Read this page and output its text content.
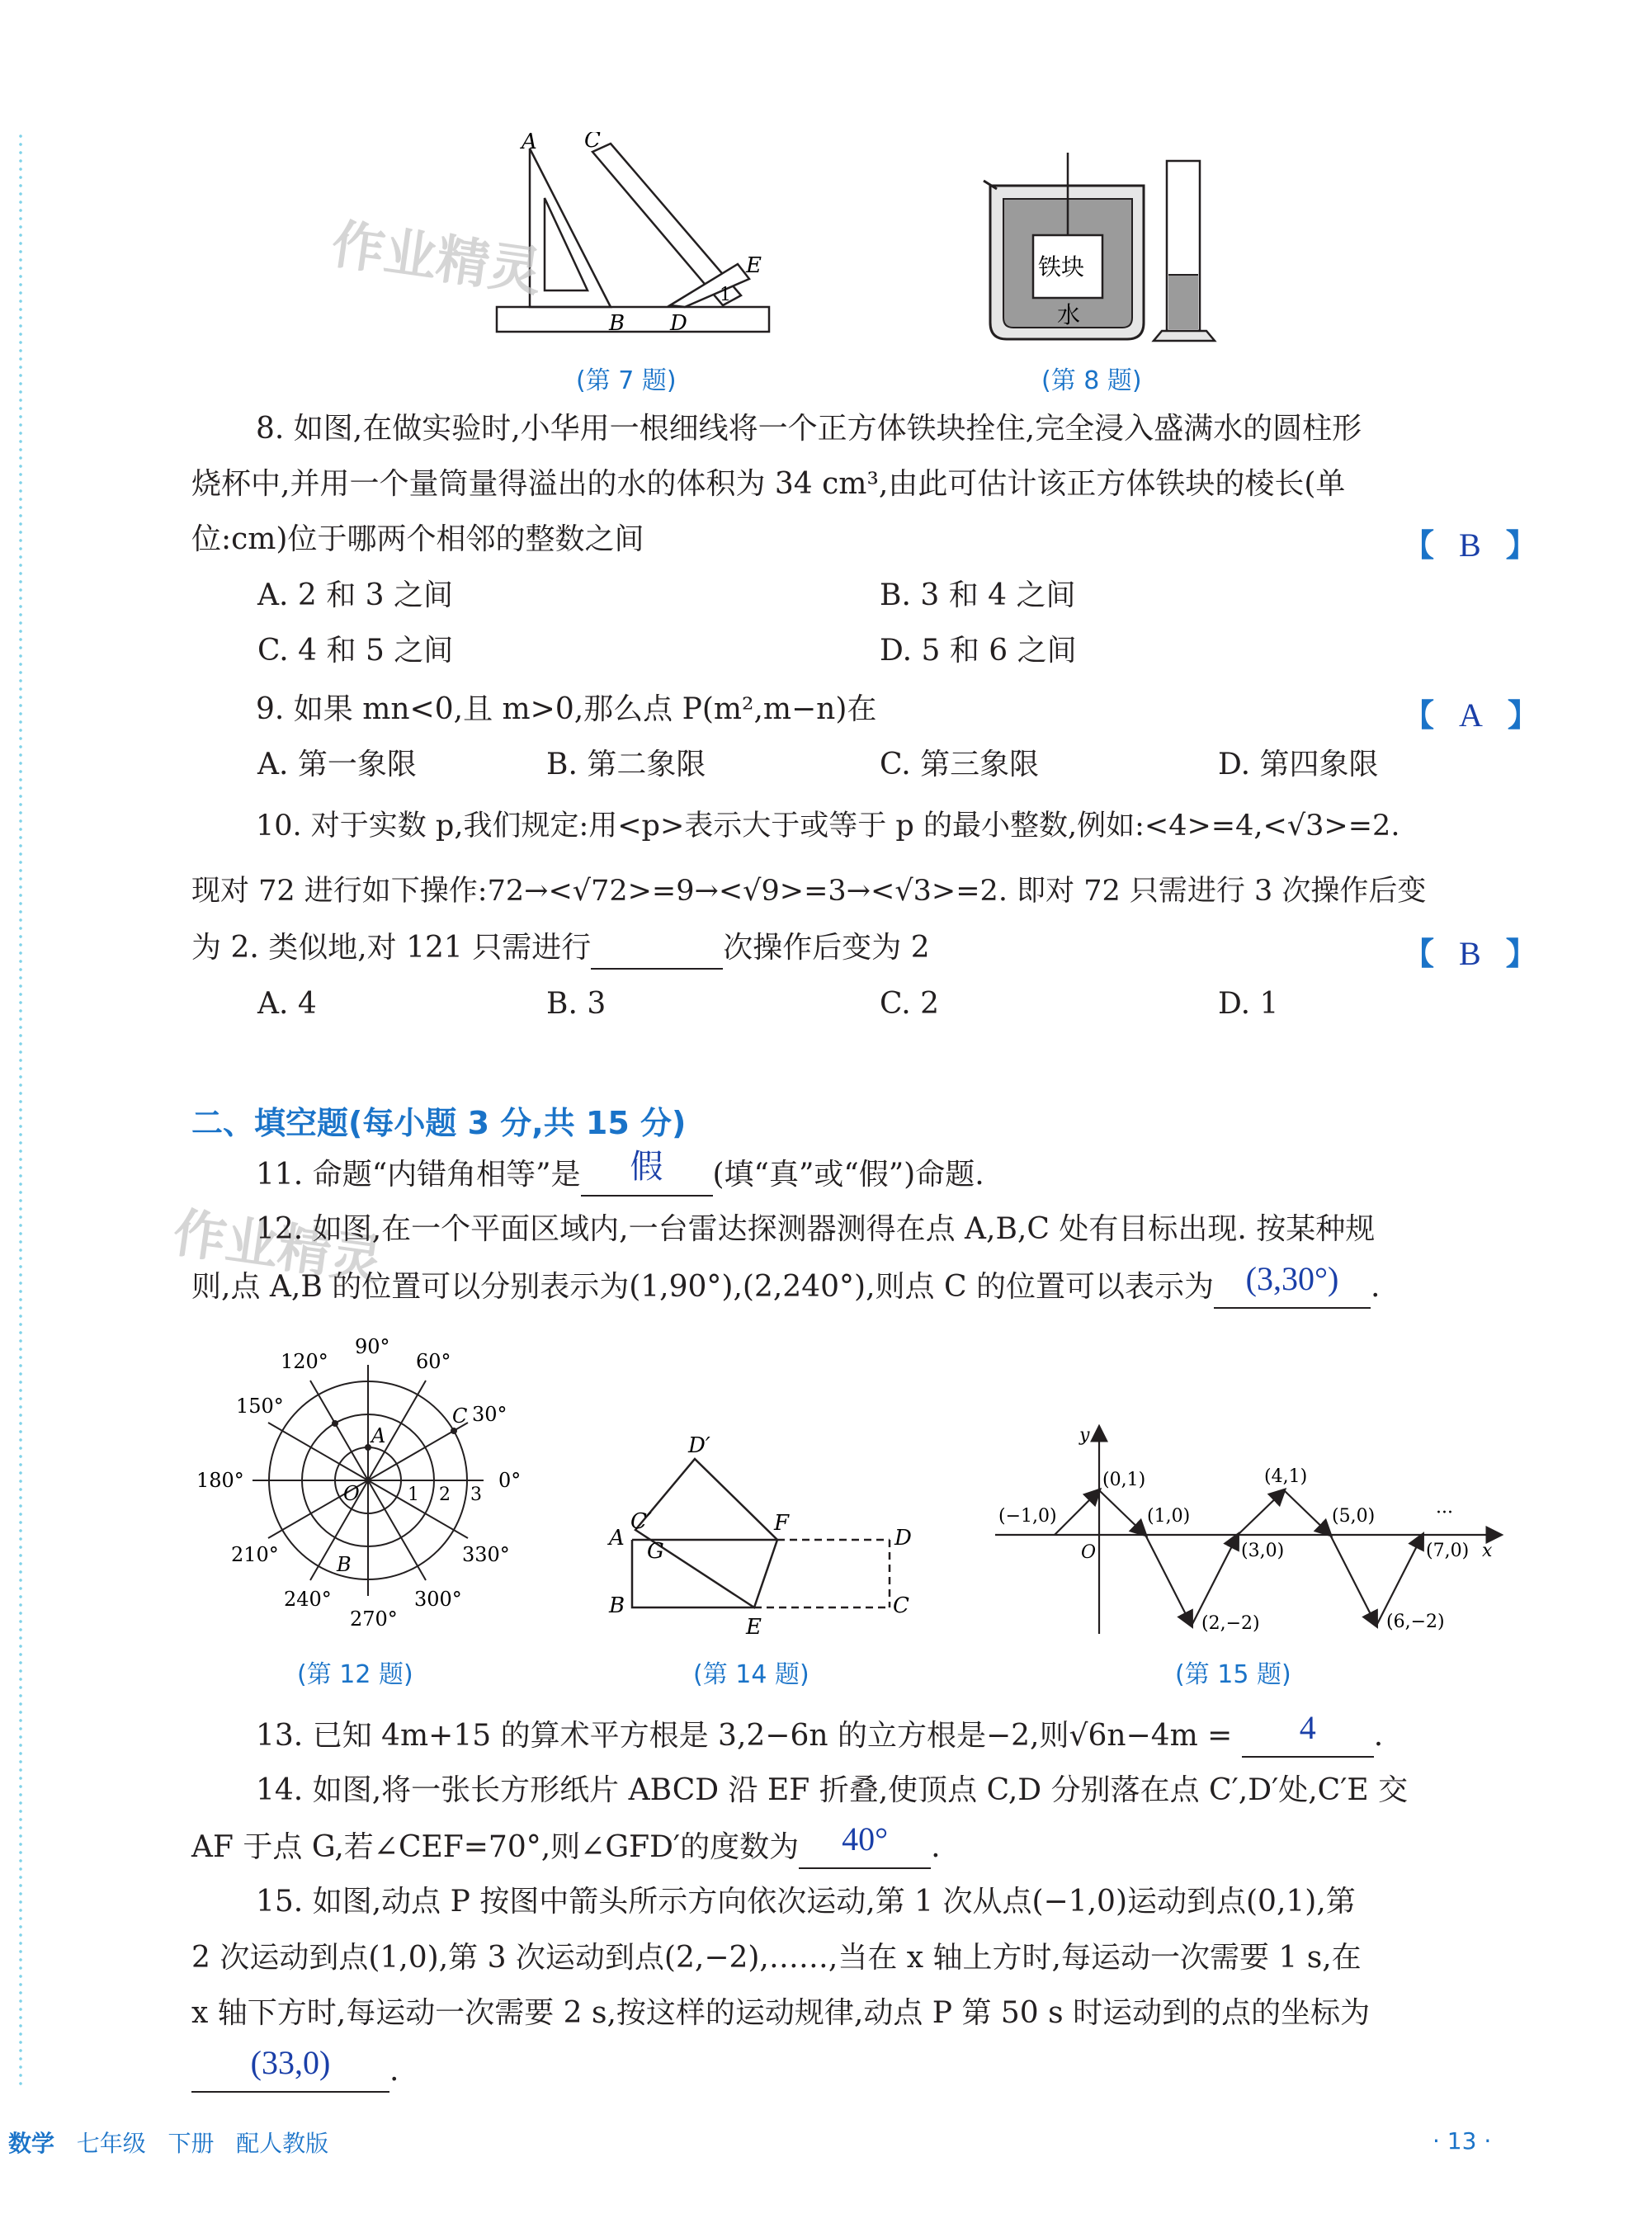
A C
E
B D
1
(第 7 题)
铁块
水
(第 8 题)
作业精灵
8. 如图,在做实验时,小华用一根细线将一个正方体铁块拴住,完全浸入盛满水的圆柱形
烧杯中,并用一个量筒量得溢出的水的体积为 34 cm³,由此可估计该正方体铁块的棱长(单
位:cm)位于哪两个相邻的整数之间	【 B 】
A. 2 和 3 之间	B. 3 和 4 之间
C. 4 和 5 之间	D. 5 和 6 之间
9. 如果 mn<0,且 m>0,那么点 P(m²,m−n)在	【 A 】
A. 第一象限	B. 第二象限	C. 第三象限	D. 第四象限
10. 对于实数 p,我们规定:用<p>表示大于或等于 p 的最小整数,例如:<4>=4,<√3>=2.
现对 72 进行如下操作:72→<√72>=9→<√9>=3→<√3>=2. 即对 72 只需进行 3 次操作后变
为 2. 类似地,对 121 只需进行	次操作后变为 2	【 B 】
A. 4	B. 3	C. 2	D. 1
二、填空题(每小题 3 分,共 15 分)
11. 命题“内错角相等”是 假 (填“真”或“假”)命题.
作业精灵
12. 如图,在一个平面区域内,一台雷达探测器测得在点 A,B,C 处有目标出现. 按某种规
则,点 A,B 的位置可以分别表示为(1,90°),(2,240°),则点 C 的位置可以表示为 (3,30°) .
90°
60°
120°
150°	30°
180°	0°
210°	330°
240°	300°
270°
A
B
C
O	1 2 3
(第 12 题)
D′
C′	F
A
G
D
B
E
C
(第 14 题)
y
(0,1)	(4,1)
(−1,0)	(1,0)	(5,0)	···
O	(3,0)	(7,0) x
(2,−2)	(6,−2)
(第 15 题)
13. 已知 4m+15 的算术平方根是 3,2−6n 的立方根是−2,则√6n−4m = 4 .
14. 如图,将一张长方形纸片 ABCD 沿 EF 折叠,使顶点 C,D 分别落在点 C′,D′处,C′E 交
AF 于点 G,若∠CEF=70°,则∠GFD′的度数为 40° .
15. 如图,动点 P 按图中箭头所示方向依次运动,第 1 次从点(−1,0)运动到点(0,1),第
2 次运动到点(1,0),第 3 次运动到点(2,−2),……,当在 x 轴上方时,每运动一次需要 1 s,在
x 轴下方时,每运动一次需要 2 s,按这样的运动规律,动点 P 第 50 s 时运动到的点的坐标为
(33,0) .
数学 七年级 下册 配人教版	· 13 ·
